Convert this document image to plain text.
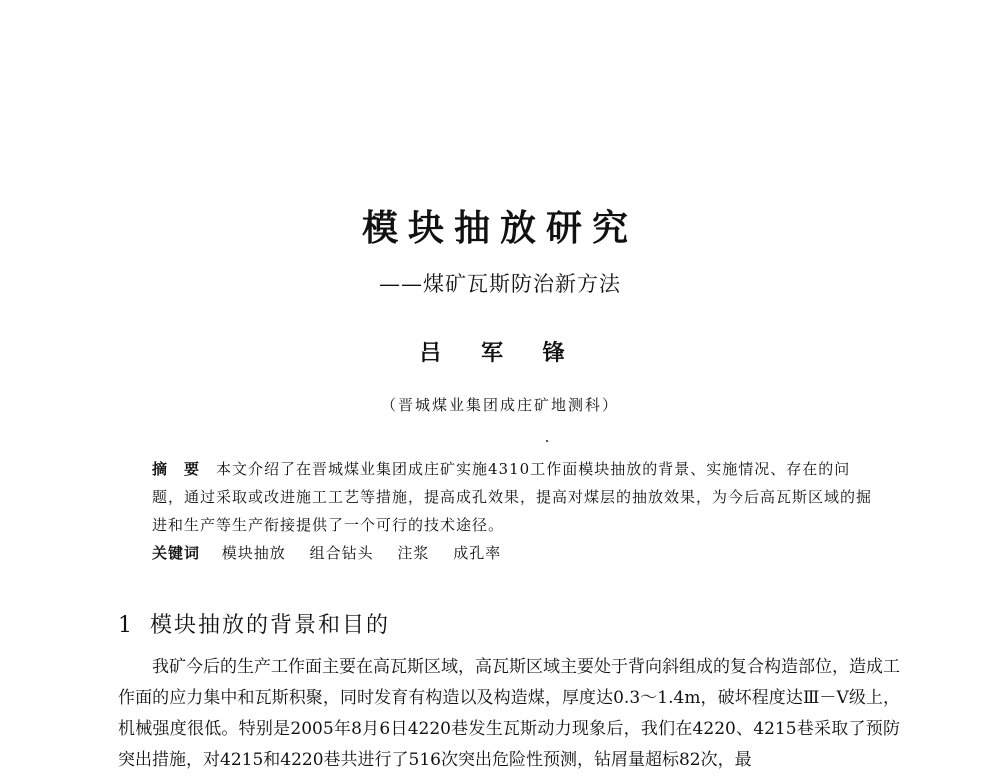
模块抽放研究
——煤矿瓦斯防治新方法
吕 军 锋
（晋城煤业集团成庄矿地测科）
摘　要 本文介绍了在晋城煤业集团成庄矿实施4310工作面模块抽放的背景、实施情况、存在的问题，通过采取或改进施工工艺等措施，提高成孔效果，提高对煤层的抽放效果，为今后高瓦斯区域的掘进和生产等生产衔接提供了一个可行的技术途径。
关键词 模块抽放 组合钻头 注浆 成孔率
1 模块抽放的背景和目的
我矿今后的生产工作面主要在高瓦斯区域，高瓦斯区域主要处于背向斜组成的复合构造部位，造成工作面的应力集中和瓦斯积聚，同时发育有构造以及构造煤，厚度达0.3～1.4m，破坏程度达Ⅲ－Ⅴ级上，机械强度很低。特别是2005年8月6日4220巷发生瓦斯动力现象后，我们在4220、4215巷采取了预防突出措施，对4215和4220巷共进行了516次突出危险性预测，钻屑量超标82次，最
